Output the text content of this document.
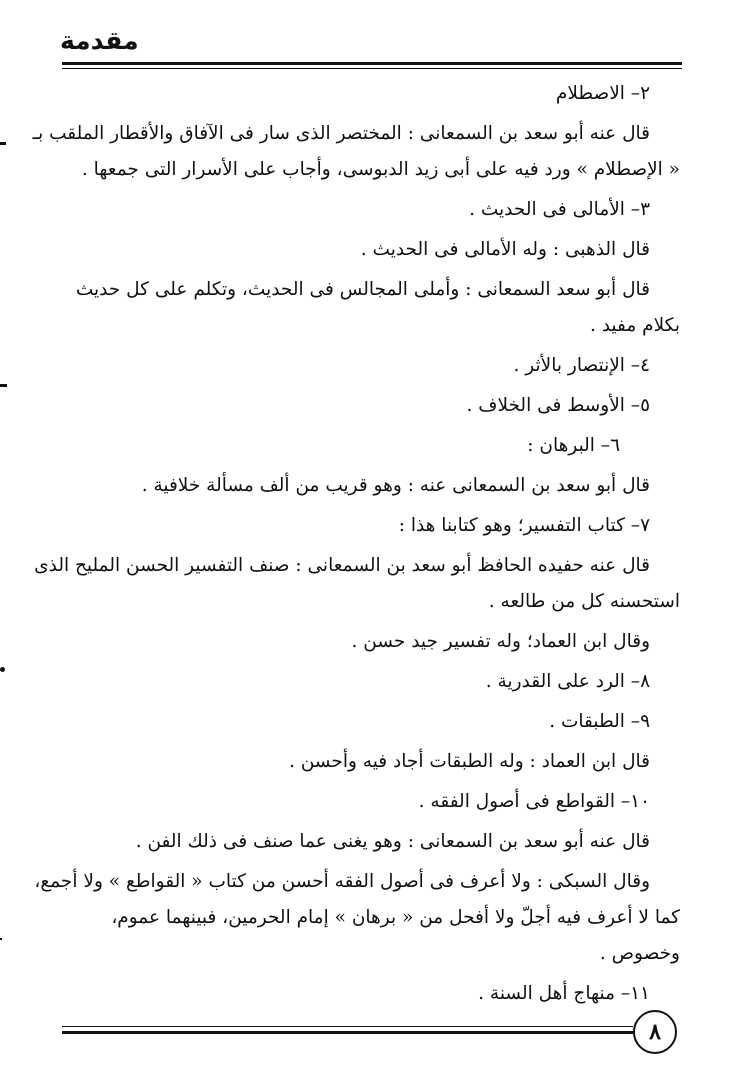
مقدمة
٢– الاصطلام
قال عنه أبو سعد بن السمعانى : المختصر الذى سار فى الآفاق والأقطار الملقب بـ
« الإصطلام » ورد فيه على أبى زيد الدبوسى، وأجاب على الأسرار التى جمعها .
٣– الأمالى فى الحديث .
قال الذهبى : وله الأمالى فى الحديث .
قال أبو سعد السمعانى : وأملى المجالس فى الحديث، وتكلم على كل حديث
بكلام مفيد .
٤– الإنتصار بالأثر .
٥– الأوسط فى الخلاف .
٦– البرهان :
قال أبو سعد بن السمعانى عنه : وهو قريب من ألف مسألة خلافية .
٧– كتاب التفسير؛ وهو كتابنا هذا :
قال عنه حفيده الحافظ أبو سعد بن السمعانى : صنف التفسير الحسن المليح الذى
استحسنه كل من طالعه .
وقال ابن العماد؛ وله تفسير جيد حسن .
٨– الرد على القدرية .
٩– الطبقات .
قال ابن العماد : وله الطبقات أجاد فيه وأحسن .
١٠– القواطع فى أصول الفقه .
قال عنه أبو سعد بن السمعانى : وهو يغنى عما صنف فى ذلك الفن .
وقال السبكى : ولا أعرف فى أصول الفقه أحسن من كتاب « القواطع » ولا أجمع،
كما لا أعرف فيه أجلّ ولا أفحل من « برهان » إمام الحرمين، فبينهما عموم،
وخصوص .
١١– منهاج أهل السنة .
٨
